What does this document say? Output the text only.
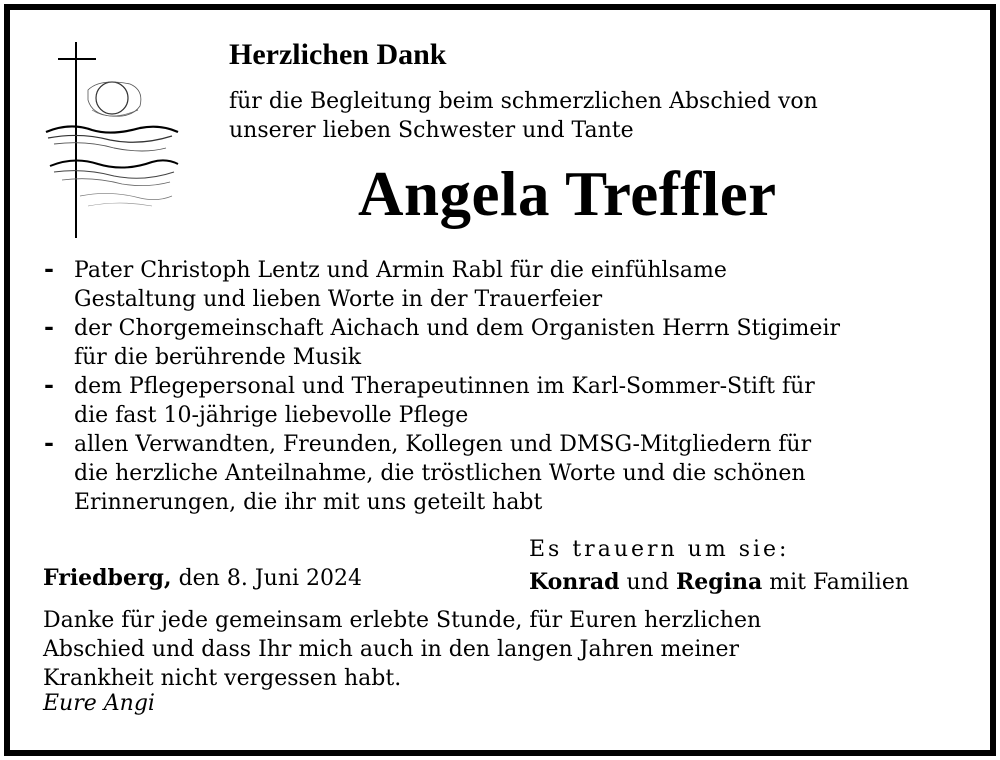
Herzlichen Dank
für die Begleitung beim schmerzlichen Abschied von
unserer lieben Schwester und Tante
Angela Treffler
- Pater Christoph Lentz und Armin Rabl für die einfühlsame
Gestaltung und lieben Worte in der Trauerfeier
- der Chorgemeinschaft Aichach und dem Organisten Herrn Stigimeir
für die berührende Musik
- dem Pflegepersonal und Therapeutinnen im Karl-Sommer-Stift für
die fast 10-jährige liebevolle Pflege
- allen Verwandten, Freunden, Kollegen und DMSG-Mitgliedern für
die herzliche Anteilnahme, die tröstlichen Worte und die schönen
Erinnerungen, die ihr mit uns geteilt habt
Es trauern um sie:
Friedberg, den 8. Juni 2024	Konrad und Regina mit Familien
Danke für jede gemeinsam erlebte Stunde, für Euren herzlichen
Abschied und dass Ihr mich auch in den langen Jahren meiner
Krankheit nicht vergessen habt.
Eure Angi
